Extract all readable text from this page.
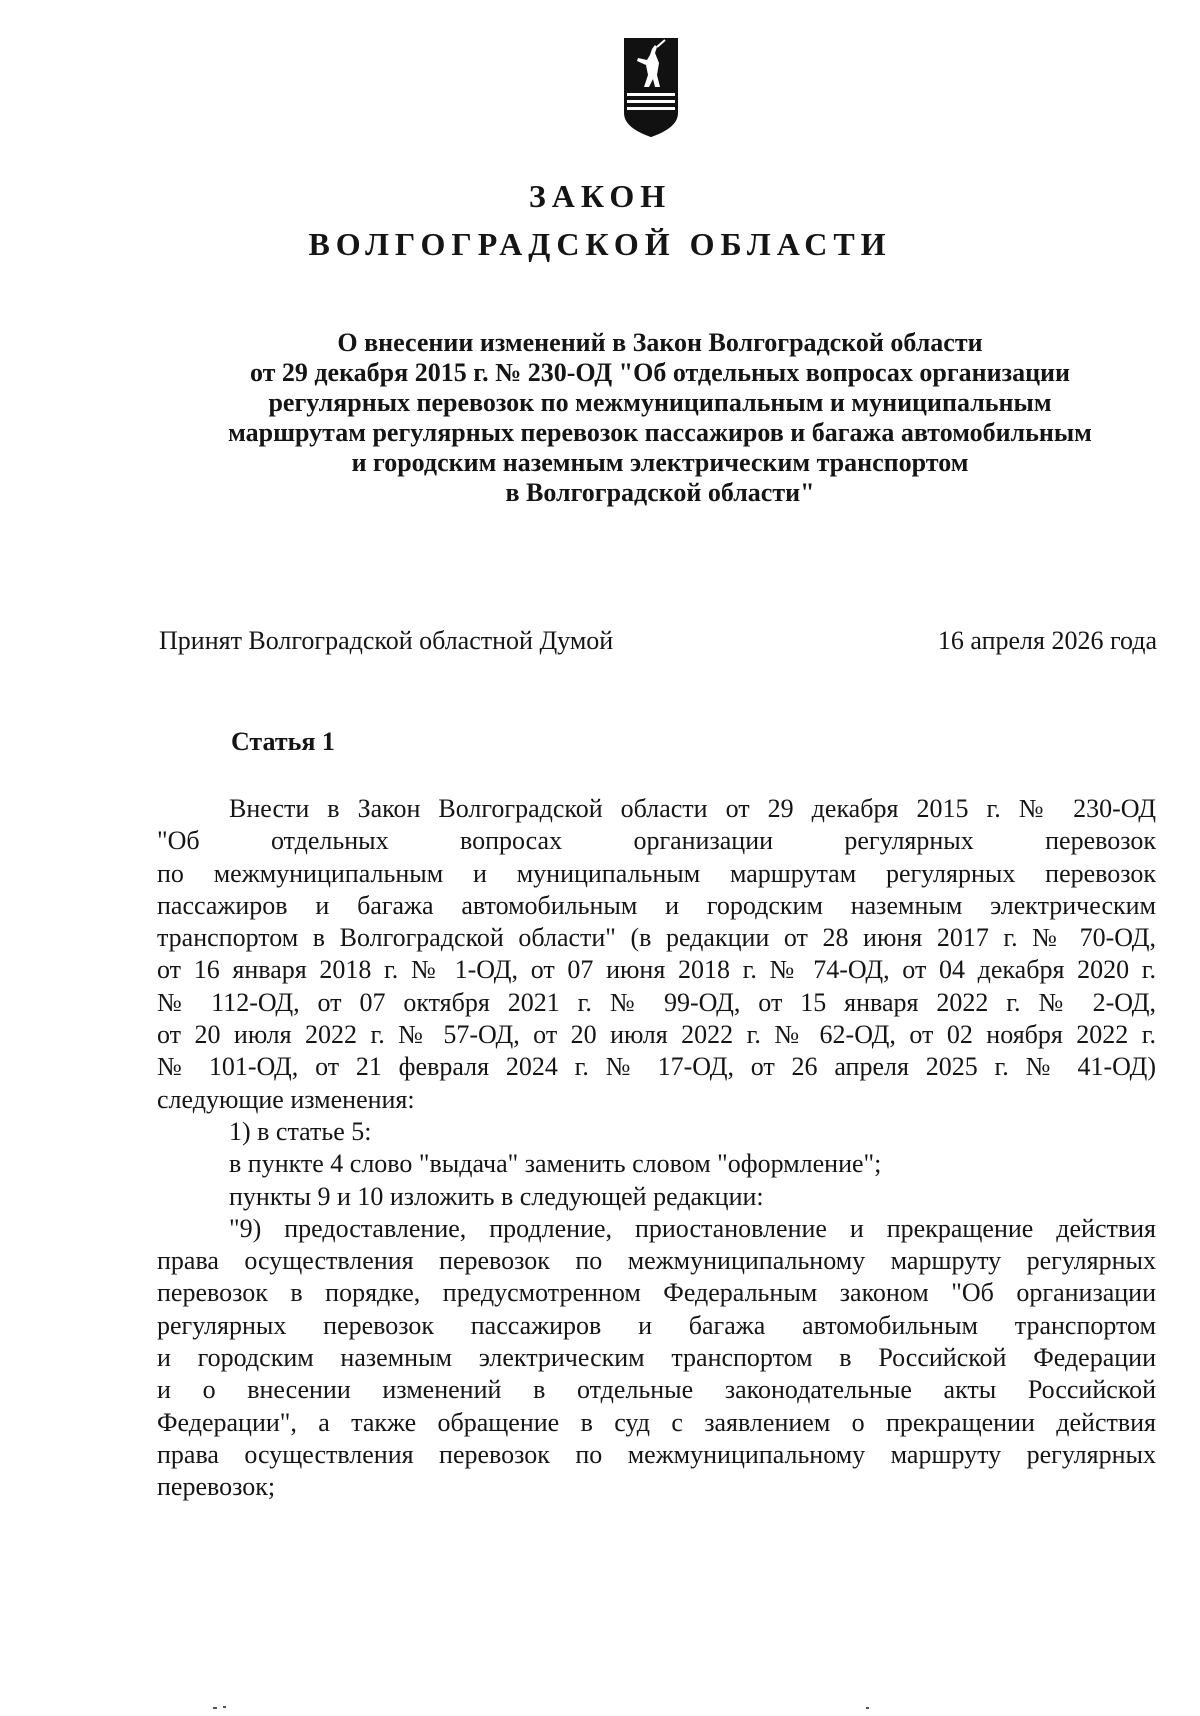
ЗАКОН
ВОЛГОГРАДСКОЙ ОБЛАСТИ
О внесении изменений в Закон Волгоградской области
от 29 декабря 2015 г. № 230-ОД "Об отдельных вопросах организации
регулярных перевозок по межмуниципальным и муниципальным
маршрутам регулярных перевозок пассажиров и багажа автомобильным
и городским наземным электрическим транспортом
в Волгоградской области"
Принят Волгоградской областной Думой	16 апреля 2026 года
Статья 1
Внести в Закон Волгоградской области от 29 декабря 2015 г. № 230-ОД
"Об отдельных вопросах организации регулярных перевозок
по межмуниципальным и муниципальным маршрутам регулярных перевозок
пассажиров и багажа автомобильным и городским наземным электрическим
транспортом в Волгоградской области" (в редакции от 28 июня 2017 г. № 70-ОД,
от 16 января 2018 г. № 1-ОД, от 07 июня 2018 г. № 74-ОД, от 04 декабря 2020 г.
№ 112-ОД, от 07 октября 2021 г. № 99-ОД, от 15 января 2022 г. № 2-ОД,
от 20 июля 2022 г. № 57-ОД, от 20 июля 2022 г. № 62-ОД, от 02 ноября 2022 г.
№ 101-ОД, от 21 февраля 2024 г. № 17-ОД, от 26 апреля 2025 г. № 41-ОД)
следующие изменения:
1) в статье 5:
в пункте 4 слово "выдача" заменить словом "оформление";
пункты 9 и 10 изложить в следующей редакции:
"9) предоставление, продление, приостановление и прекращение действия
права осуществления перевозок по межмуниципальному маршруту регулярных
перевозок в порядке, предусмотренном Федеральным законом "Об организации
регулярных перевозок пассажиров и багажа автомобильным транспортом
и городским наземным электрическим транспортом в Российской Федерации
и о внесении изменений в отдельные законодательные акты Российской
Федерации", а также обращение в суд с заявлением о прекращении действия
права осуществления перевозок по межмуниципальному маршруту регулярных
перевозок;
